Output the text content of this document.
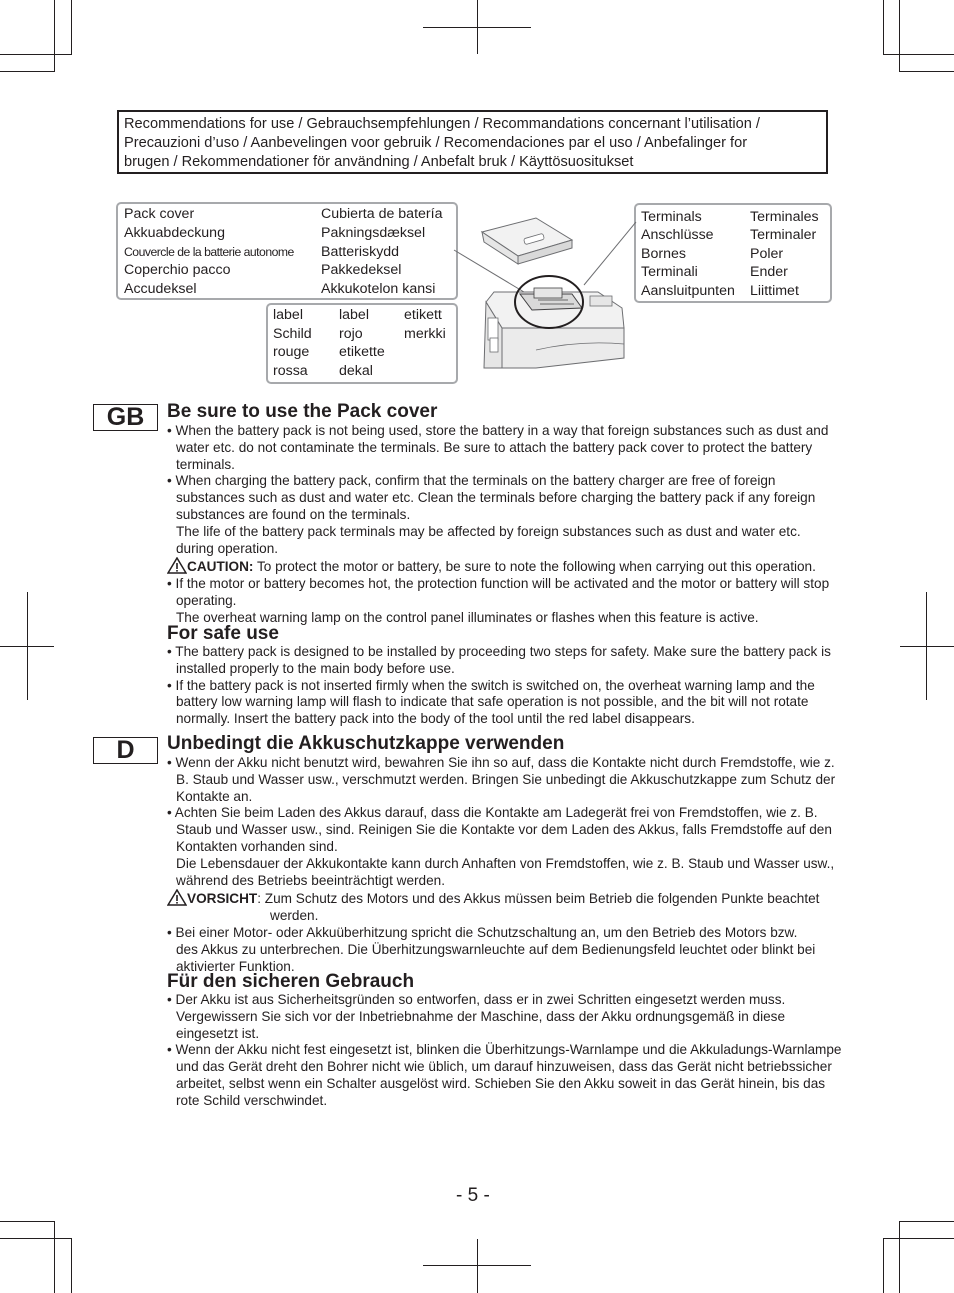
Recommendations for use / Gebrauchsempfehlungen / Recommandations concernant l’utilisation /
Precauzioni d’uso / Aanbevelingen voor gebruik / Recomendaciones par el uso / Anbefalinger for
brugen / Rekommendationer för användning / Anbefalt bruk / Käyttösuositukset
Pack cover
Akkuabdeckung
Couvercle de la batterie autonome
Coperchio pacco
Accudeksel
Cubierta de batería
Pakningsdæksel
Batteriskydd
Pakkedeksel
Akkukotelon kansi
label
Schild
rouge
rossa
label
rojo
etikette
dekal
etikett
merkki
Terminals
Anschlüsse
Bornes
Terminali
Aansluitpunten
Terminales
Terminaler
Poler
Ender
Liittimet
GB	Be sure to use the Pack cover
• When the battery pack is not being used, store the battery in a way that foreign substances such as dust and
water etc. do not contaminate the terminals. Be sure to attach the battery pack cover to protect the battery
terminals.
• When charging the battery pack, confirm that the terminals on the battery charger are free of foreign
substances such as dust and water etc. Clean the terminals before charging the battery pack if any foreign
substances are found on the terminals.
The life of the battery pack terminals may be affected by foreign substances such as dust and water etc.
during operation.
CAUTION: To protect the motor or battery, be sure to note the following when carrying out this operation.
• If the motor or battery becomes hot, the protection function will be activated and the motor or battery will stop
operating.
The overheat warning lamp on the control panel illuminates or flashes when this feature is active.
For safe use
• The battery pack is designed to be installed by proceeding two steps for safety. Make sure the battery pack is
installed properly to the main body before use.
• If the battery pack is not inserted firmly when the switch is switched on, the overheat warning lamp and the
battery low warning lamp will flash to indicate that safe operation is not possible, and the bit will not rotate
normally. Insert the battery pack into the body of the tool until the red label disappears.
D	Unbedingt die Akkuschutzkappe verwenden
• Wenn der Akku nicht benutzt wird, bewahren Sie ihn so auf, dass die Kontakte nicht durch Fremdstoffe, wie z.
B. Staub und Wasser usw., verschmutzt werden. Bringen Sie unbedingt die Akkuschutzkappe zum Schutz der
Kontakte an.
• Achten Sie beim Laden des Akkus darauf, dass die Kontakte am Ladegerät frei von Fremdstoffen, wie z. B.
Staub und Wasser usw., sind. Reinigen Sie die Kontakte vor dem Laden des Akkus, falls Fremdstoffe auf den
Kontakten vorhanden sind.
Die Lebensdauer der Akkukontakte kann durch Anhaften von Fremdstoffen, wie z. B. Staub und Wasser usw.,
während des Betriebs beeinträchtigt werden.
VORSICHT: Zum Schutz des Motors und des Akkus müssen beim Betrieb die folgenden Punkte beachtet
werden.
• Bei einer Motor- oder Akkuüberhitzung spricht die Schutzschaltung an, um den Betrieb des Motors bzw.
des Akkus zu unterbrechen. Die Überhitzungswarnleuchte auf dem Bedienungsfeld leuchtet oder blinkt bei
aktivierter Funktion.
Für den sicheren Gebrauch
• Der Akku ist aus Sicherheitsgründen so entworfen, dass er in zwei Schritten eingesetzt werden muss.
Vergewissern Sie sich vor der Inbetriebnahme der Maschine, dass der Akku ordnungsgemäß in diese
eingesetzt ist.
• Wenn der Akku nicht fest eingesetzt ist, blinken die Überhitzungs-Warnlampe und die Akkuladungs-Warnlampe
und das Gerät dreht den Bohrer nicht wie üblich, um darauf hinzuweisen, dass das Gerät nicht betriebssicher
arbeitet, selbst wenn ein Schalter ausgelöst wird. Schieben Sie den Akku soweit in das Gerät hinein, bis das
rote Schild verschwindet.
- 5 -
